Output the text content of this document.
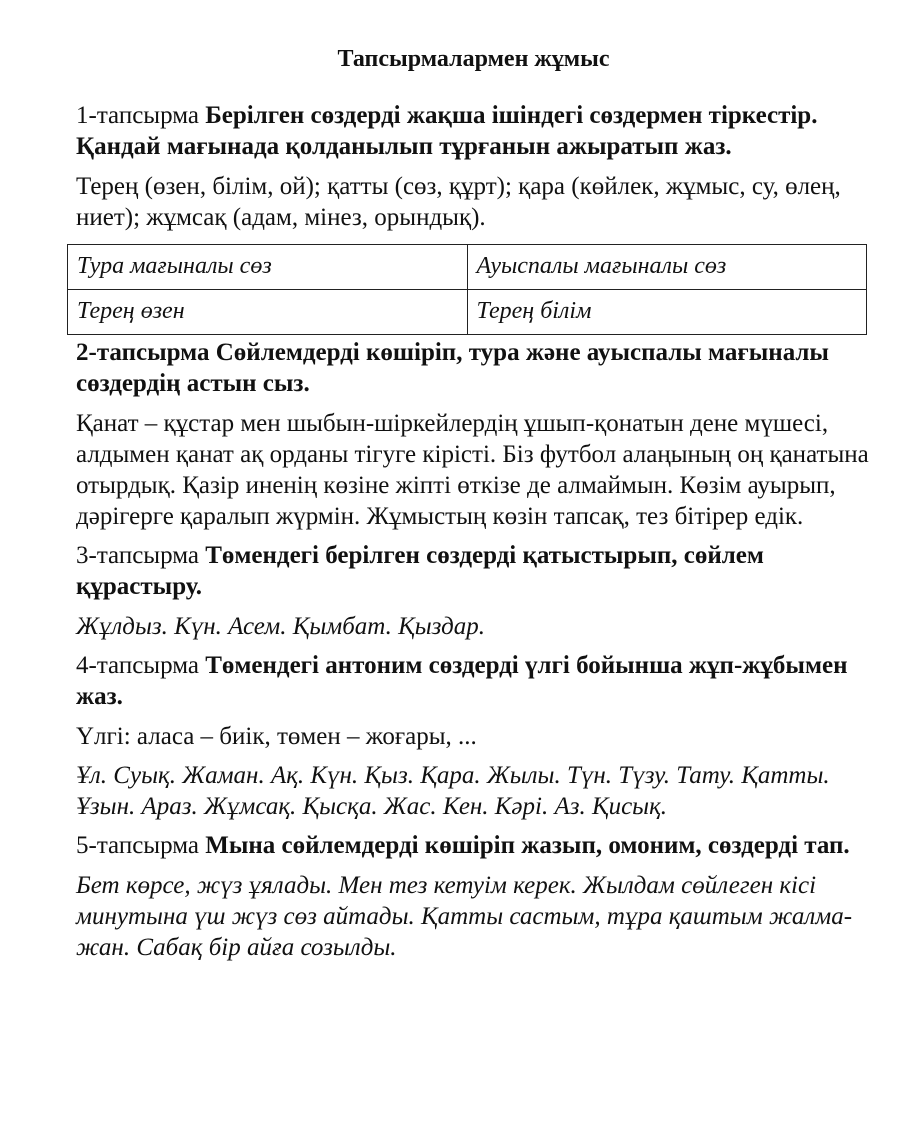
Тапсырмалармен жұмыс

1-тапсырма Берілген сөздерді жақша ішіндегі сөздермен тіркестір. Қандай мағынада қолданылып тұрғанын ажыратып жаз.

Терең (өзен, білім, ой); қатты (сөз, құрт); қара (көйлек, жұмыс, су, өлең, ниет); жұмсақ (адам, мінез, орындық).

Тура мағыналы сөз	Ауыспалы мағыналы сөз
Терең өзен	Терең білім

2-тапсырма Сөйлемдерді көшіріп, тура және ауыспалы мағыналы сөздердің астын сыз.

Қанат – құстар мен шыбын-шіркейлердің ұшып-қонатын дене мүшесі, алдымен қанат ақ орданы тігуге кірісті. Біз футбол алаңының оң қанатына отырдық. Қазір иненің көзіне жіпті өткізе де алмаймын. Көзім ауырып, дәрігерге қаралып жүрмін. Жұмыстың көзін тапсақ, тез бітірер едік.

3-тапсырма Төмендегі берілген сөздерді қатыстырып, сөйлем құрастыру.

Жұлдыз. Күн. Асем. Қымбат. Қыздар.

4-тапсырма Төмендегі антоним сөздерді үлгі бойынша жұп-жұбымен жаз.

Үлгі: аласа – биік, төмен – жоғары, ...

Ұл. Суық. Жаман. Ақ. Күн. Қыз. Қара. Жылы. Түн. Түзу. Тату. Қатты. Ұзын. Араз. Жұмсақ. Қысқа. Жас. Кен. Кәрі. Аз. Қисық.

5-тапсырма Мына сөйлемдерді көшіріп жазып, омоним, сөздерді тап.

Бет көрсе, жүз ұялады. Мен тез кетуім керек. Жылдам сөйлеген кісі минутына үш жүз сөз айтады. Қатты састым, тұра қаштым жалма-жан. Сабақ бір айға созылды.
